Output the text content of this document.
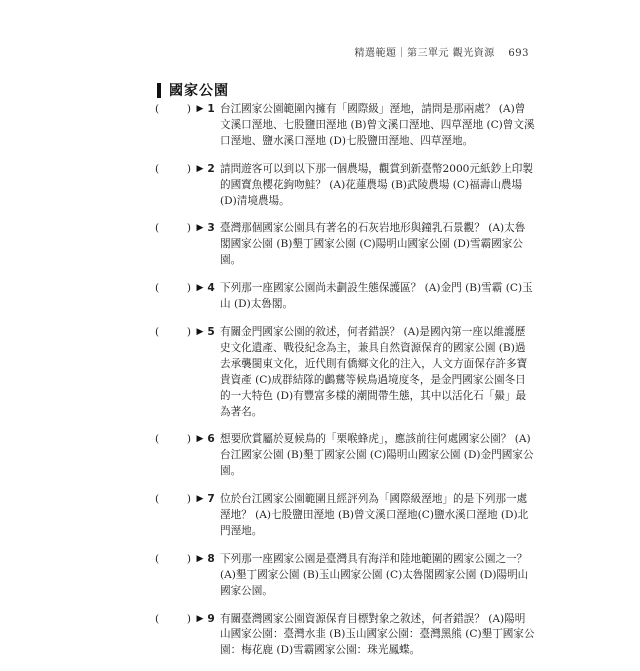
精選範題｜第三單元 觀光資源 693
國家公園
(	) ▶ 1 台江國家公園範圍內擁有「國際級」溼地，請問是那兩處？ (A)曾文溪口溼地、七股鹽田溼地 (B)曾文溪口溼地、四草溼地 (C)曾文溪口溼地、鹽水溪口溼地 (D)七股鹽田溼地、四草溼地。
(	) ▶ 2 請問遊客可以到以下那一個農場，觀賞到新臺幣2000元紙鈔上印製的國寶魚櫻花鉤吻鮭？ (A)花蓮農場 (B)武陵農場 (C)福壽山農場 (D)清境農場。
(	) ▶ 3 臺灣那個國家公園具有著名的石灰岩地形與鐘乳石景觀？ (A)太魯閣國家公園 (B)墾丁國家公園 (C)陽明山國家公園 (D)雪霸國家公園。
(	) ▶ 4 下列那一座國家公園尚未劃設生態保護區？ (A)金門 (B)雪霸 (C)玉山 (D)太魯閣。
(	) ▶ 5 有關金門國家公園的敘述，何者錯誤？ (A)是國內第一座以維護歷史文化遺產、戰役紀念為主，兼具自然資源保育的國家公園 (B)過去承襲閩東文化，近代則有僑鄉文化的注入，人文方面保存許多寶貴資產 (C)成群結隊的鸕鶿等候鳥過境度冬，是金門國家公園冬日的一大特色 (D)有豐富多樣的潮間帶生態，其中以活化石「鱟」最為著名。
(	) ▶ 6 想要欣賞屬於夏候鳥的「栗喉蜂虎」，應該前往何處國家公園？ (A)台江國家公園 (B)墾丁國家公園 (C)陽明山國家公園 (D)金門國家公園。
(	) ▶ 7 位於台江國家公園範圍且經評列為「國際級溼地」的是下列那一處溼地？ (A)七股鹽田溼地 (B)曾文溪口溼地(C)鹽水溪口溼地 (D)北門溼地。
(	) ▶ 8 下列那一座國家公園是臺灣具有海洋和陸地範圍的國家公園之一？ (A)墾丁國家公園 (B)玉山國家公園 (C)太魯閣國家公園 (D)陽明山國家公園。
(	) ▶ 9 有關臺灣國家公園資源保育目標對象之敘述，何者錯誤？ (A)陽明山國家公園：臺灣水韭 (B)玉山國家公園：臺灣黑熊 (C)墾丁國家公園：梅花鹿 (D)雪霸國家公園：珠光鳳蝶。
